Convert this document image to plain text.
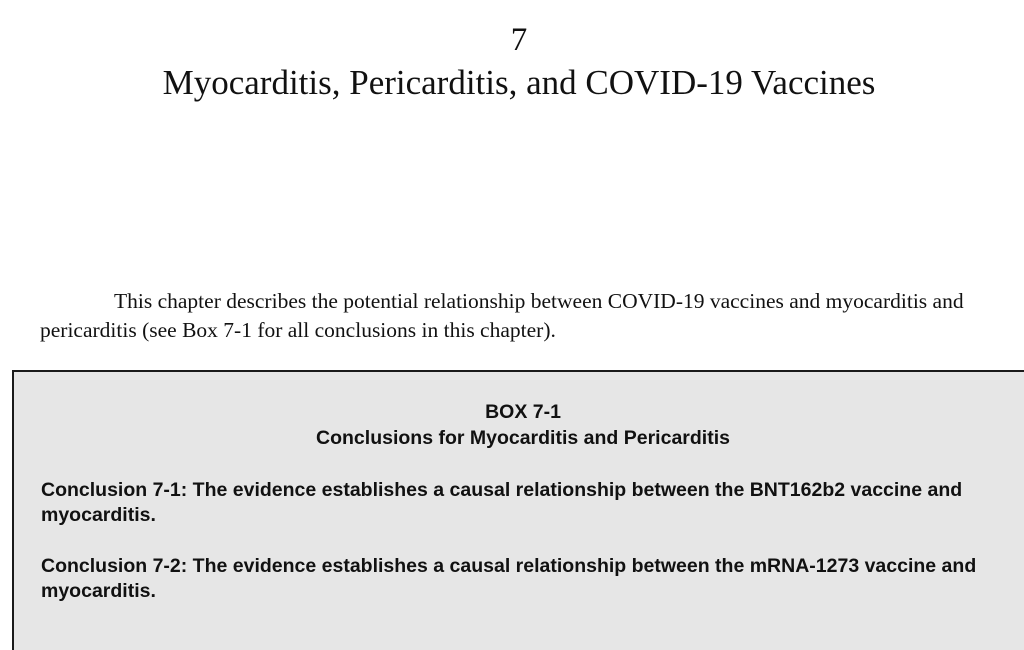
7
Myocarditis, Pericarditis, and COVID-19 Vaccines

This chapter describes the potential relationship between COVID-19 vaccines and myocarditis and pericarditis (see Box 7-1 for all conclusions in this chapter).

BOX 7-1
Conclusions for Myocarditis and Pericarditis

Conclusion 7-1: The evidence establishes a causal relationship between the BNT162b2 vaccine and myocarditis.

Conclusion 7-2: The evidence establishes a causal relationship between the mRNA-1273 vaccine and myocarditis.
